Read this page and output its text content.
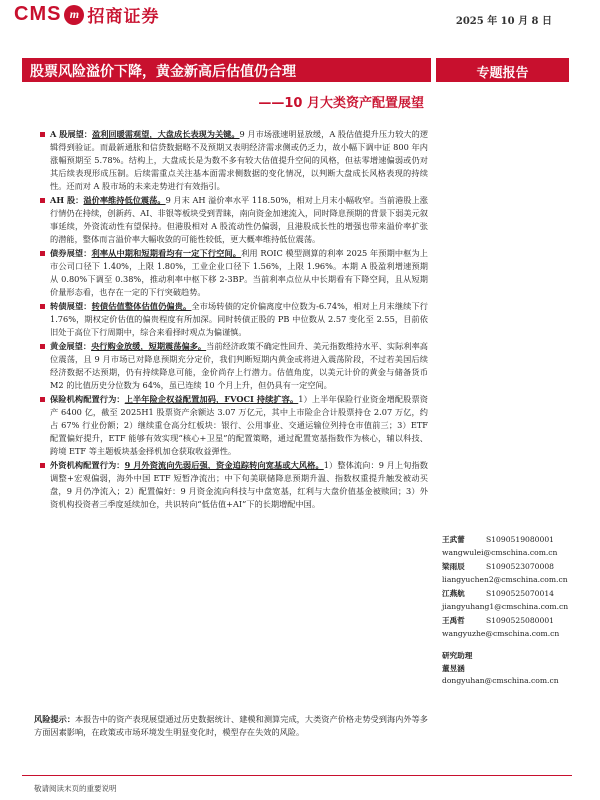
CMS m 招商证券	2025 年 10 月 8 日
股票风险溢价下降，黄金新高后估值仍合理	专题报告
——10 月大类资产配置展望
A 股展望：盈利回暖需观望，大盘成长表现为关键。9 月市场涨速明显放缓，A 股估值提升压力较大的逻辑得到验证。而最新通胀和信贷数据略不及预期又表明经济需求侧或仍乏力，故小幅下调中证 800 年内涨幅预期至 5.78%。结构上，大盘成长是为数不多有较大估值提升空间的风格，但祛零增速偏弱或仍对其后续表现形成压制。后续需重点关注基本面需求侧数据的变化情况，以判断大盘成长风格表现的持续性。还而对 A 股市场的未来走势进行有效指引。
AH 股：溢价率维持低位震荡。9 月末 AH 溢价率水平 118.50%，相对上月末小幅收窄。当前港股上涨行情仍在持续，创新药、AI、非银等板块受到青睐，南向资金加速流入，同时降息预期的背景下弱美元叙事延续，外资流动性有望保持。但港股相对 A 股流动性仍偏弱，且港股成长性的增强也带来溢价率扩张的潜能，整体而言溢价率大幅收敛的可能性较低，更大概率维持低位震荡。
债券展望：利率从中期和短期看均有一定下行空间。利用 ROIC 模型测算的利率 2025 年预期中枢为上市公司口径下 1.40%，上限 1.80%，工业企业口径下 1.56%，上限 1.96%。本期 A 股盈利增速预期从 0.80%下调至 0.38%，推动利率中枢下移 2-3BP。当前利率点位从中长期看有下降空间，且从短期价量形态看，也存在一定的下行突破趋势。
转债展望：转债估值整体估值仍偏贵。全市场转债的定价偏离度中位数为-6.74%，相对上月末继续下行 1.76%，期权定价估值的偏贵程度有所加深。同时转债正股的 PB 中位数从 2.57 变化至 2.55，目前依旧处于高位下行周期中，综合来看择时观点为偏谨慎。
黄金展望：央行购金放缓，短期震荡偏多。当前经济政策不确定性回升、美元指数维持水平、实际利率高位震荡，且 9 月市场已对降息预期充分定价，我们判断短期内黄金或将进入震荡阶段，不过若美国后续经济数据不达预期，仍有持续降息可能，金价尚存上行潜力。估值角度，以美元计价的黄金与储备货币 M2 的比值历史分位数为 64%，虽已连续 10 个月上升，但仍具有一定空间。
保险机构配置行为：上半年险企权益配置加码，FVOCI 持续扩容。1）上半年保险行业资金增配股票资产 6400 亿，截至 2025H1 股票资产余额达 3.07 万亿元，其中上市险企合计股票持仓 2.07 万亿，约占 67% 行业份额；2）继续重仓高分红板块：银行、公用事业、交通运输位列持仓市值前三；3）ETF 配置偏好提升，ETF 能够有效实现“核心+卫星”的配置策略，通过配置宽基指数作为核心，辅以科技、跨境 ETF 等主题板块基金择机加仓获取收益弹性。
外资机构配置行为：9 月外资流向先弱后强，资金追踪转向宽基或大风格。1）整体流向：9 月上旬指数调整+宏观偏弱，海外中国 ETF 短暂净流出；中下旬美联储降息预期升温、指数权重提升触发被动买盘，9 月仍净流入；2）配置偏好：9 月资金流向科技与中盘宽基，红利与大盘价值基金被赎回；3）外资机构投资者三季度延续加仓，共识转向“低估值+AI”下的长期增配中国。
风险提示：本报告中的资产表现展望通过历史数据统计、建模和测算完成，大类资产价格走势受到海内外等多方面因素影响，在政策或市场环境发生明显变化时，模型存在失效的风险。
王武蕾	S1090519080001
wangwulei@cmschina.com.cn
梁雨辰	S1090523070008
liangyuchen2@cmschina.com.cn
江燕航	S1090525070014
jiangyuhang1@cmschina.com.cn
王禹哲	S1090525080001
wangyuzhe@cmschina.com.cn
研究助理
董昱涵
dongyuhan@cmschina.com.cn
敬请阅读末页的重要说明
